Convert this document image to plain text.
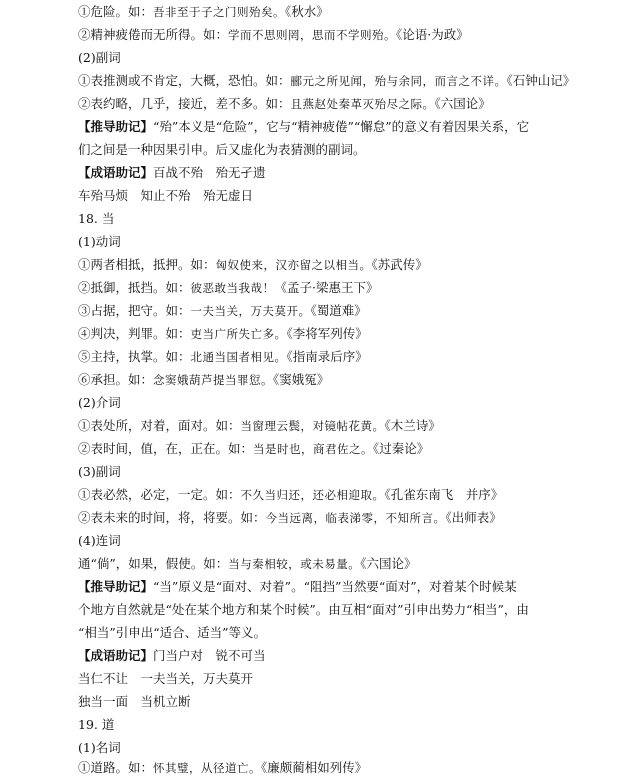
①危险。如：吾非至于子之门则殆矣。《秋水》
②精神疲倦而无所得。如：学而不思则罔，思而不学则殆。《论语·为政》
(2)副词
①表推测或不肯定，大概，恐怕。如：郦元之所见闻，殆与余同，而言之不详。《石钟山记》
②表约略，几乎，接近，差不多。如：且燕赵处秦革灭殆尽之际。《六国论》
【推导助记】“殆”本义是“危险”，它与“精神疲倦”“懈怠”的意义有着因果关系，它
们之间是一种因果引申。后又虚化为表猜测的副词。
【成语助记】百战不殆　殆无孑遗
车殆马烦　知止不殆　殆无虚日
18. 当
(1)动词
①两者相抵，抵押。如：匈奴使来，汉亦留之以相当。《苏武传》
②抵御，抵挡。如：彼恶敢当我哉！《孟子·梁惠王下》
③占据，把守。如：一夫当关，万夫莫开。《蜀道难》
④判决，判罪。如：吏当广所失亡多。《李将军列传》
⑤主持，执掌。如：北通当国者相见。《指南录后序》
⑥承担。如：念窦娥葫芦提当罪愆。《窦娥冤》
(2)介词
①表处所，对着，面对。如：当窗理云鬓，对镜帖花黄。《木兰诗》
②表时间，值，在，正在。如：当是时也，商君佐之。《过秦论》
(3)副词
①表必然，必定，一定。如：不久当归还，还必相迎取。《孔雀东南飞　并序》
②表未来的时间，将，将要。如：今当远离，临表涕零，不知所言。《出师表》
(4)连词
通“倘”，如果，假使。如：当与秦相较，或未易量。《六国论》
【推导助记】“当”原义是“面对、对着”。“阻挡”当然要“面对”，对着某个时候某
个地方自然就是“处在某个地方和某个时候”。由互相“面对”引申出势力“相当”，由
“相当”引申出“适合、适当”等义。
【成语助记】门当户对　锐不可当
当仁不让　一夫当关，万夫莫开
独当一面　当机立断
19. 道
(1)名词
①道路。如：怀其璧，从径道亡。《廉颇蔺相如列传》
